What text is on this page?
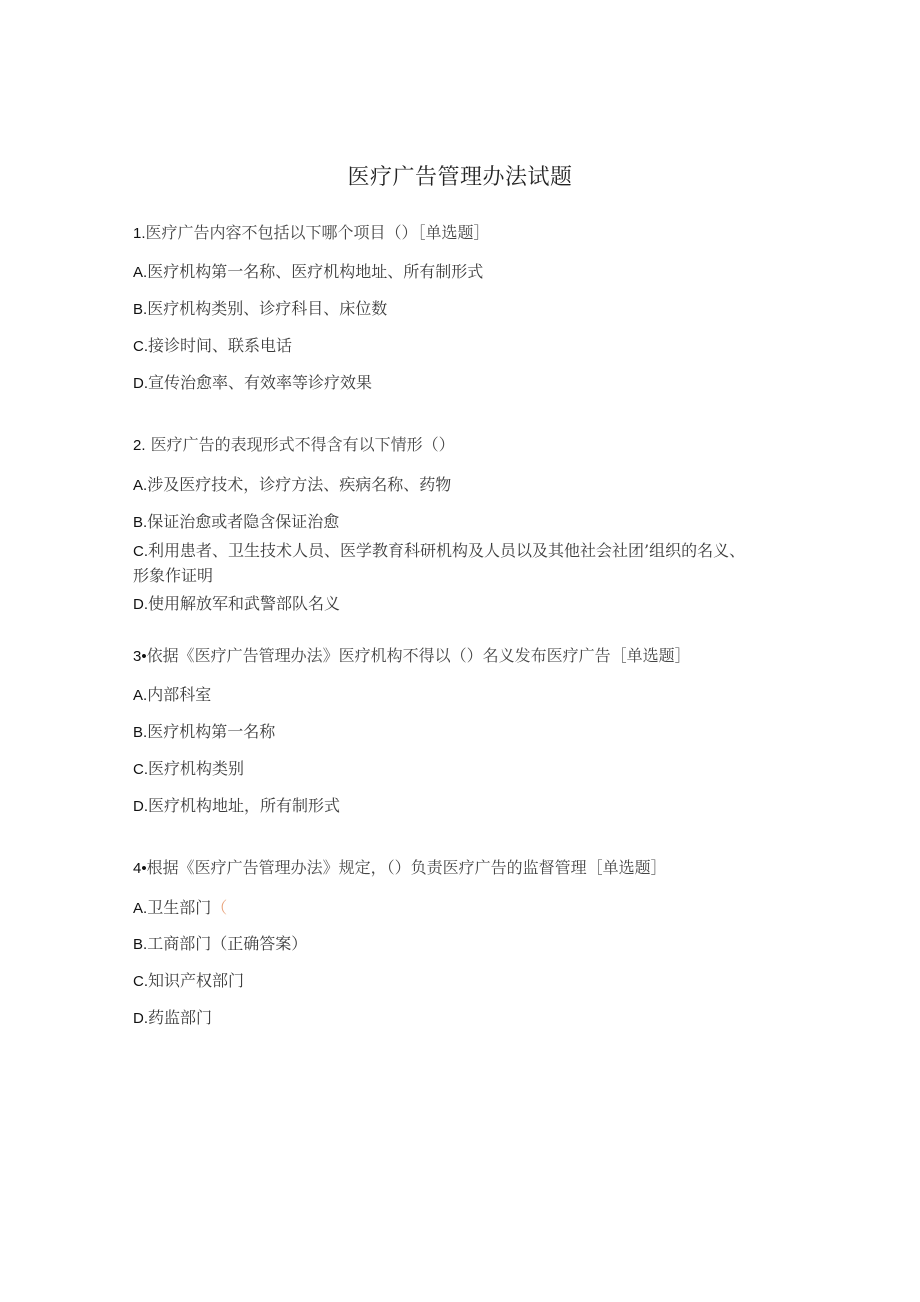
医疗广告管理办法试题
1.医疗广告内容不包括以下哪个项目（）［单选题］
A.医疗机构第一名称、医疗机构地址、所有制形式
B.医疗机构类别、诊疗科目、床位数
C.接诊时间、联系电话
D.宣传治愈率、有效率等诊疗效果
2. 医疗广告的表现形式不得含有以下情形（）
A.涉及医疗技术，诊疗方法、疾病名称、药物
B.保证治愈或者隐含保证治愈
C.利用患者、卫生技术人员、医学教育科研机构及人员以及其他社会社团’组织的名义、形象作证明
D.使用解放军和武警部队名义
3•依据《医疗广告管理办法》医疗机构不得以（）名义发布医疗广告［单选题］
A.内部科室
B.医疗机构第一名称
C.医疗机构类别
D.医疗机构地址，所有制形式
4•根据《医疗广告管理办法》规定，（）负责医疗广告的监督管理［单选题］
A.卫生部门（
B.工商部门（正确答案）
C.知识产权部门
D.药监部门
